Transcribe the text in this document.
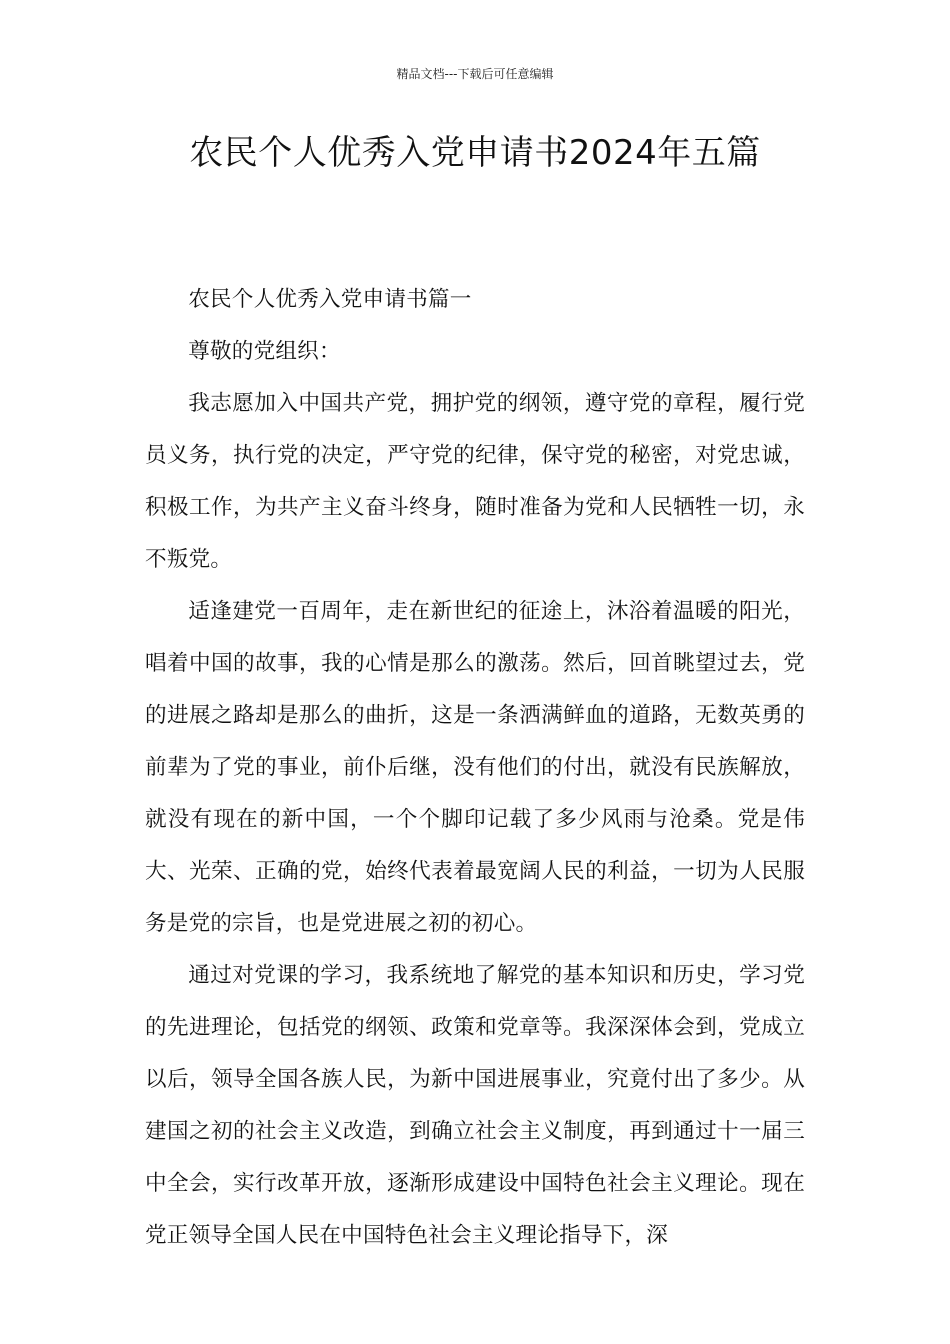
精品文档---下载后可任意编辑
农民个人优秀入党申请书2024年五篇

农民个人优秀入党申请书篇一

尊敬的党组织：

我志愿加入中国共产党，拥护党的纲领，遵守党的章程，履行党员义务，执行党的决定，严守党的纪律，保守党的秘密，对党忠诚，积极工作，为共产主义奋斗终身，随时准备为党和人民牺牲一切，永不叛党。

适逢建党一百周年，走在新世纪的征途上，沐浴着温暖的阳光，唱着中国的故事，我的心情是那么的激荡。然后，回首眺望过去，党的进展之路却是那么的曲折，这是一条洒满鲜血的道路，无数英勇的前辈为了党的事业，前仆后继，没有他们的付出，就没有民族解放，就没有现在的新中国，一个个脚印记载了多少风雨与沧桑。党是伟大、光荣、正确的党，始终代表着最宽阔人民的利益，一切为人民服务是党的宗旨，也是党进展之初的初心。

通过对党课的学习，我系统地了解党的基本知识和历史，学习党的先进理论，包括党的纲领、政策和党章等。我深深体会到，党成立以后，领导全国各族人民，为新中国进展事业，究竟付出了多少。从建国之初的社会主义改造，到确立社会主义制度，再到通过十一届三中全会，实行改革开放，逐渐形成建设中国特色社会主义理论。现在党正领导全国人民在中国特色社会主义理论指导下，深
